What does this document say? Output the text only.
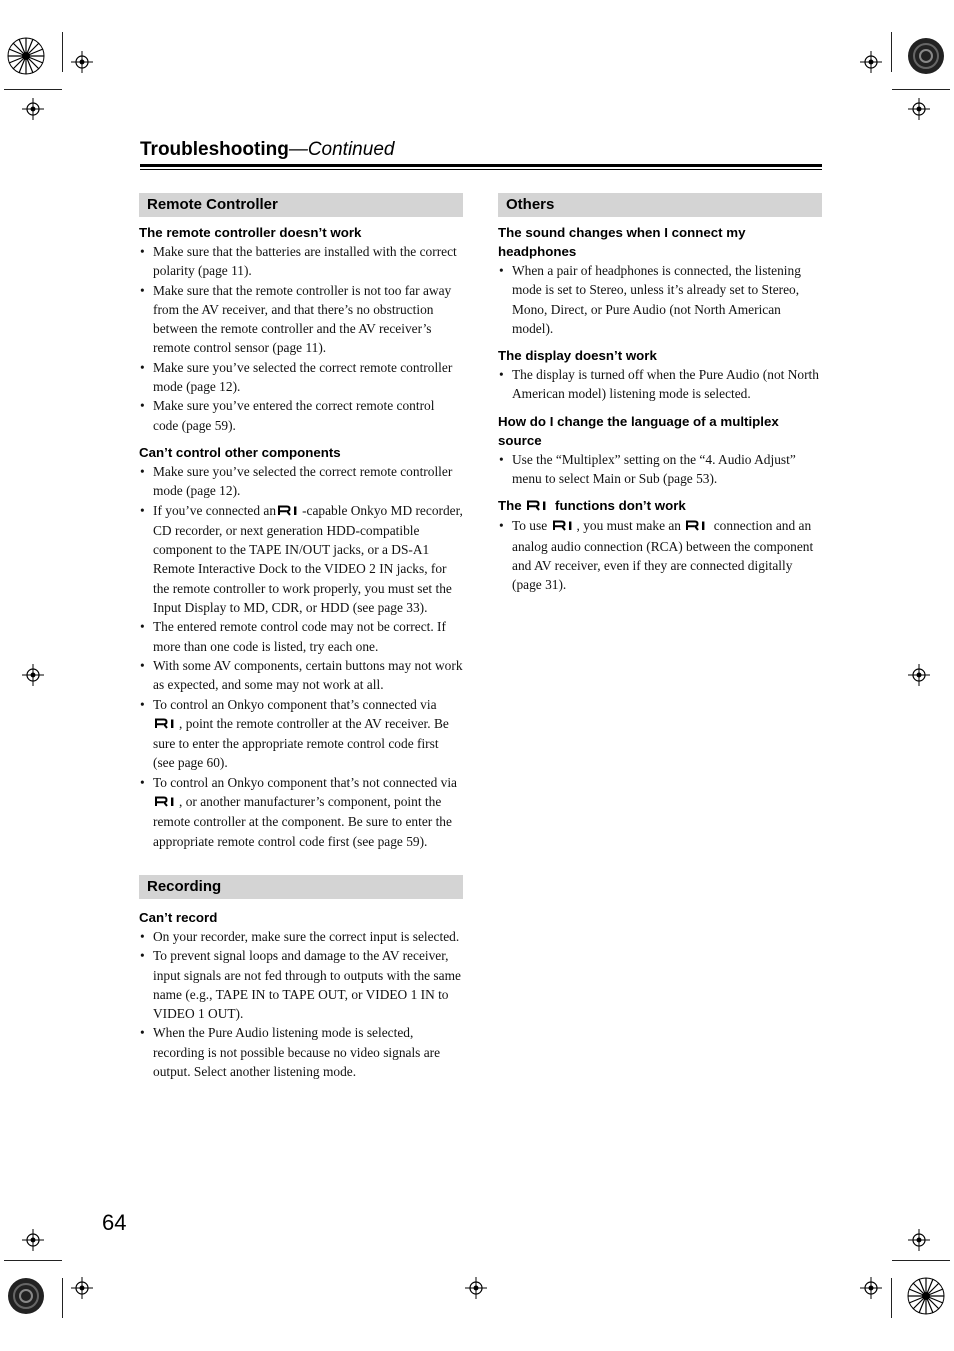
Troubleshooting—Continued
Remote Controller
The remote controller doesn’t work
• Make sure that the batteries are installed with the correct polarity (page 11).
• Make sure that the remote controller is not too far away from the AV receiver, and that there’s no obstruction between the remote controller and the AV receiver’s remote control sensor (page 11).
• Make sure you’ve selected the correct remote controller mode (page 12).
• Make sure you’ve entered the correct remote control code (page 59).
Can’t control other components
• Make sure you’ve selected the correct remote controller mode (page 12).
• If you’ve connected an -capable Onkyo MD recorder, CD recorder, or next generation HDD-compatible component to the TAPE IN/OUT jacks, or a DS-A1 Remote Interactive Dock to the VIDEO 2 IN jacks, for the remote controller to work properly, you must set the Input Display to MD, CDR, or HDD (see page 33).
• The entered remote control code may not be correct. If more than one code is listed, try each one.
• With some AV components, certain buttons may not work as expected, and some may not work at all.
• To control an Onkyo component that’s connected via , point the remote controller at the AV receiver. Be sure to enter the appropriate remote control code first (see page 60).
• To control an Onkyo component that’s not connected via , or another manufacturer’s component, point the remote controller at the component. Be sure to enter the appropriate remote control code first (see page 59).
Recording
Can’t record
• On your recorder, make sure the correct input is selected.
• To prevent signal loops and damage to the AV receiver, input signals are not fed through to outputs with the same name (e.g., TAPE IN to TAPE OUT, or VIDEO 1 IN to VIDEO 1 OUT).
• When the Pure Audio listening mode is selected, recording is not possible because no video signals are output. Select another listening mode.
Others
The sound changes when I connect my headphones
• When a pair of headphones is connected, the listening mode is set to Stereo, unless it’s already set to Stereo, Mono, Direct, or Pure Audio (not North American model).
The display doesn’t work
• The display is turned off when the Pure Audio (not North American model) listening mode is selected.
How do I change the language of a multiplex source
• Use the “Multiplex” setting on the “4. Audio Adjust” menu to select Main or Sub (page 53).
The	functions don’t work
• To use , you must make an connection and an analog audio connection (RCA) between the component and AV receiver, even if they are connected digitally (page 31).
64
